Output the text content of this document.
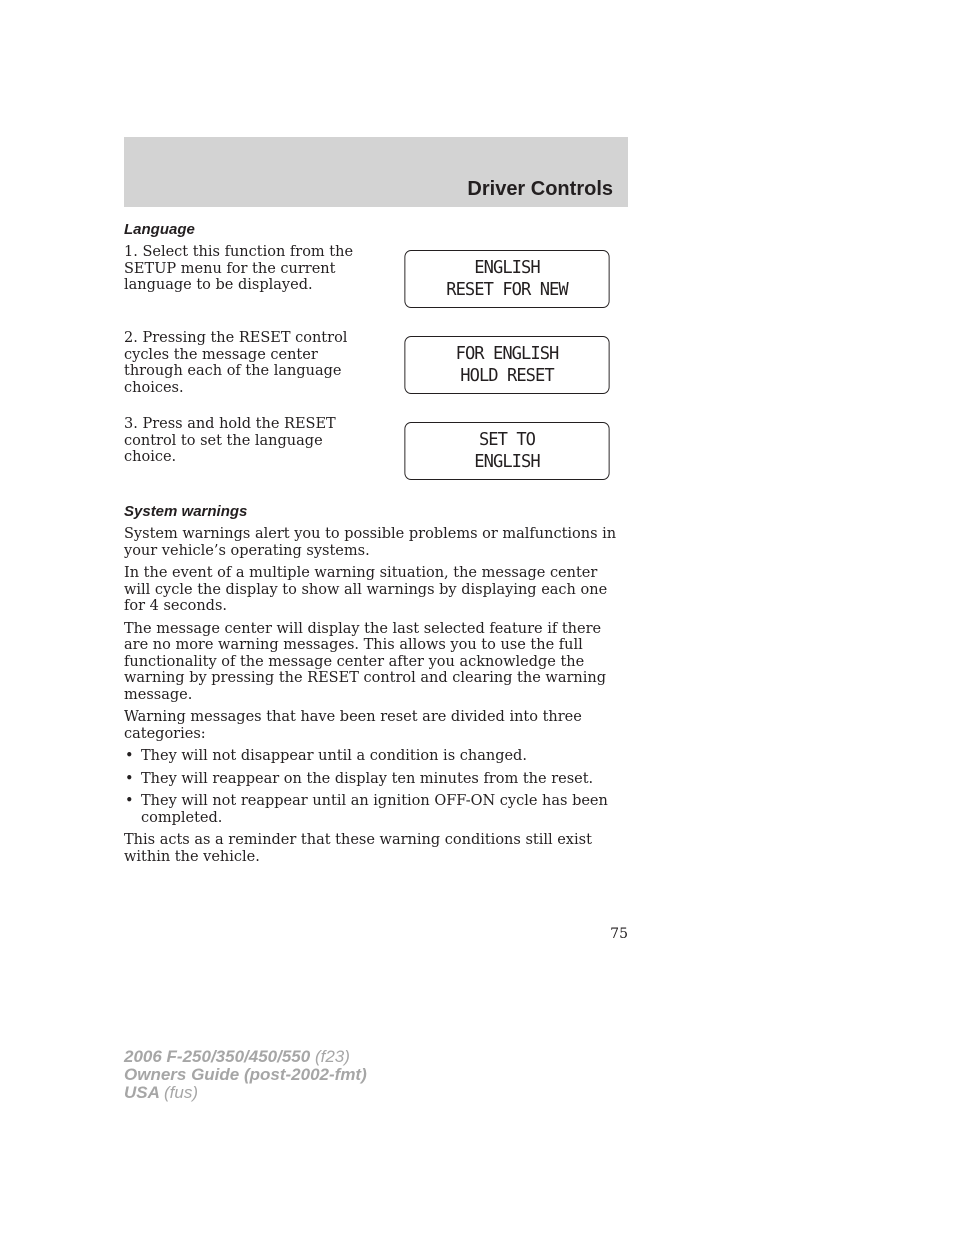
Driver Controls
Language
1. Select this function from the SETUP menu for the current language to be displayed.
ENGLISH
RESET FOR NEW
2. Pressing the RESET control cycles the message center through each of the language choices.
FOR ENGLISH
HOLD RESET
3. Press and hold the RESET control to set the language choice.
SET TO
ENGLISH
System warnings

System warnings alert you to possible problems or malfunctions in your vehicle’s operating systems.

In the event of a multiple warning situation, the message center will cycle the display to show all warnings by displaying each one for 4 seconds.

The message center will display the last selected feature if there are no more warning messages. This allows you to use the full functionality of the message center after you acknowledge the warning by pressing the RESET control and clearing the warning message.

Warning messages that have been reset are divided into three categories:

• They will not disappear until a condition is changed.
• They will reappear on the display ten minutes from the reset.
• They will not reappear until an ignition OFF-ON cycle has been completed.

This acts as a reminder that these warning conditions still exist within the vehicle.

75
2006 F-250/350/450/550 (f23)
Owners Guide (post-2002-fmt)
USA (fus)
